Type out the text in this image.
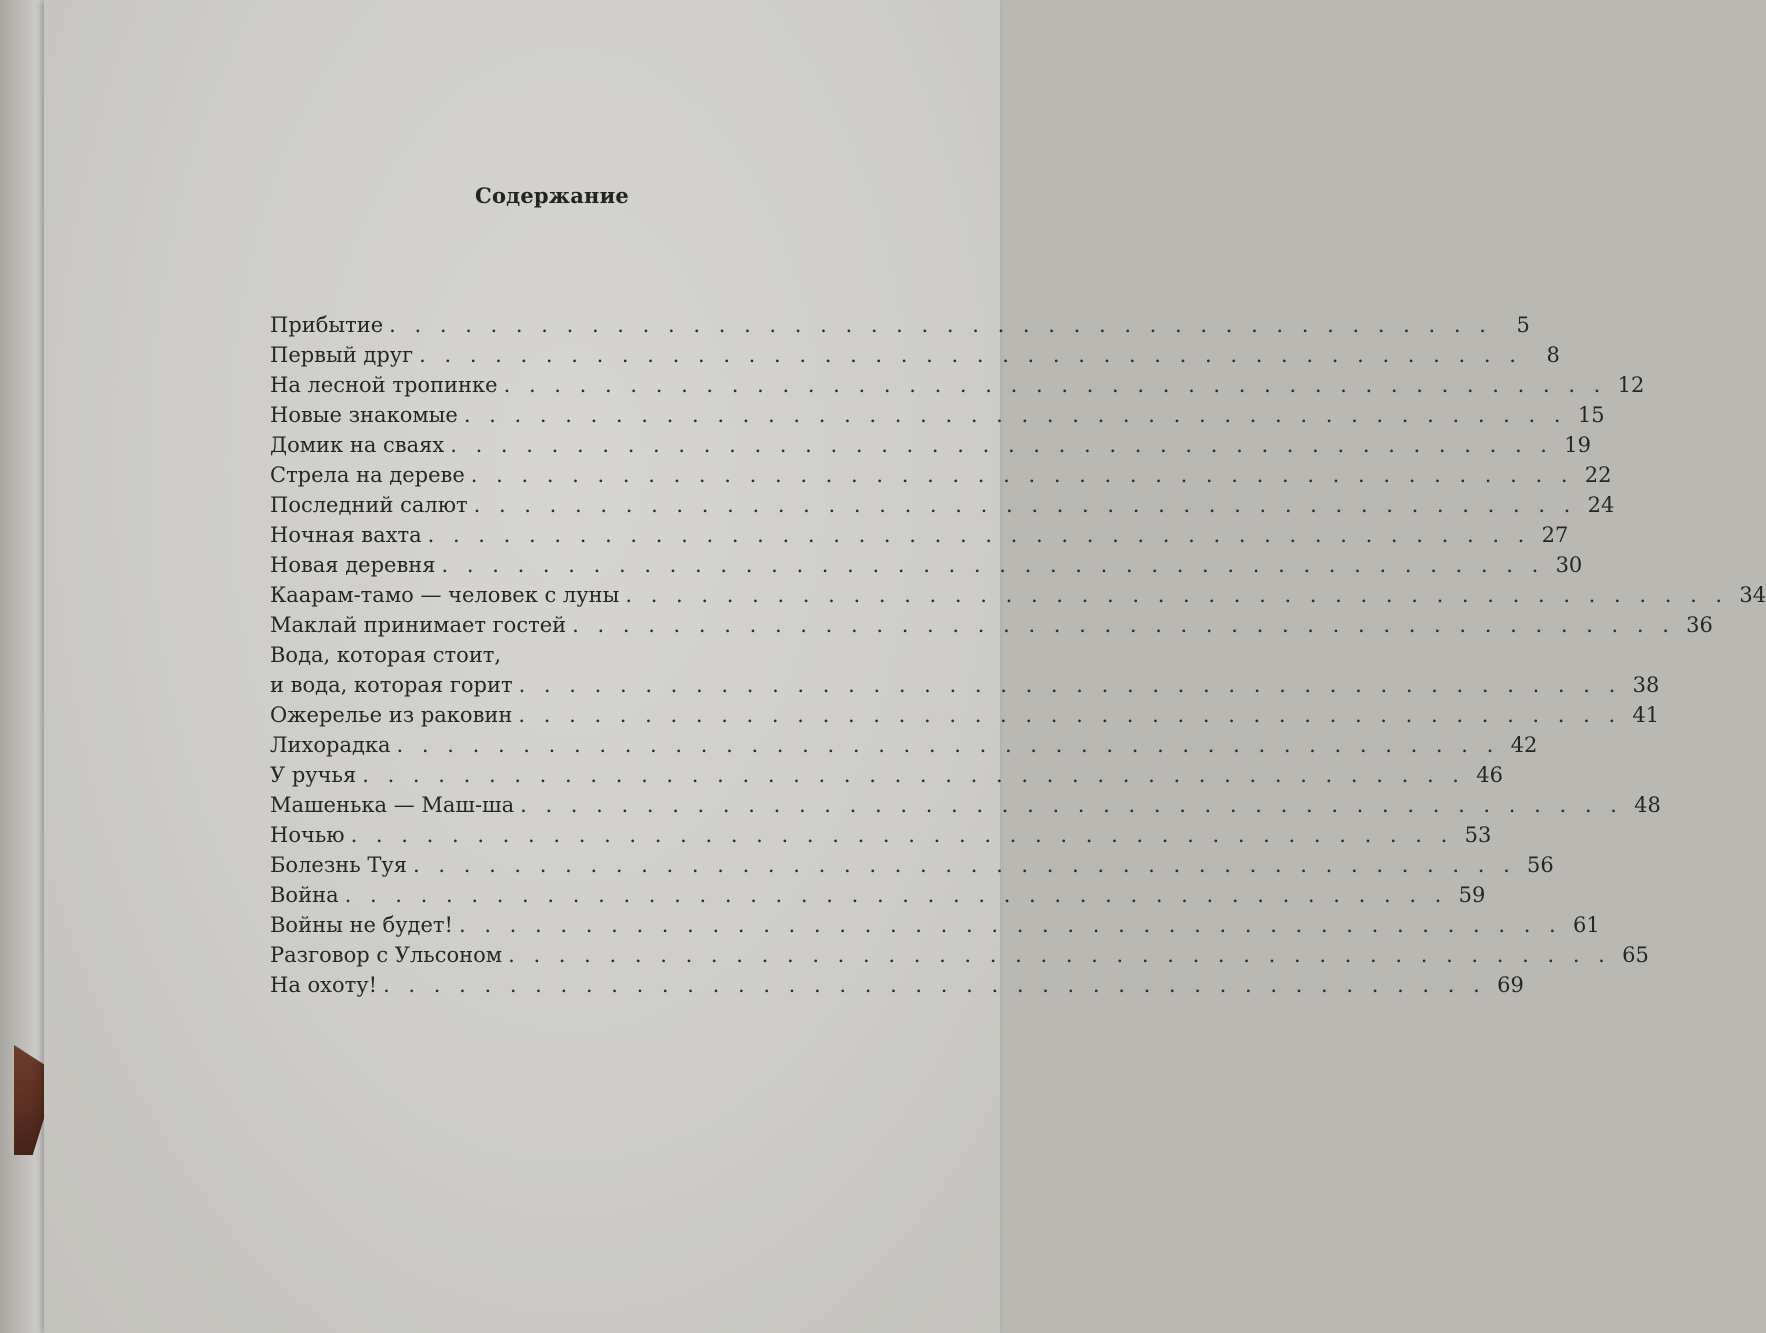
Содержание
Прибытие . . . . . . . . . . . . . . . . . . . . . . . . . . . . . . . . . . . . . . . . . . . .	5
Первый друг . . . . . . . . . . . . . . . . . . . . . . . . . . . . . . . . . . . . . . . . . . . .	8
На лесной тропинке . . . . . . . . . . . . . . . . . . . . . . . . . . . . . . . . . . . . . . . . . . . . 12
Новые знакомые . . . . . . . . . . . . . . . . . . . . . . . . . . . . . . . . . . . . . . . . . . . . 15
Домик на сваях . . . . . . . . . . . . . . . . . . . . . . . . . . . . . . . . . . . . . . . . . . . . 19
Стрела на дереве . . . . . . . . . . . . . . . . . . . . . . . . . . . . . . . . . . . . . . . . . . . . 22
Последний салют . . . . . . . . . . . . . . . . . . . . . . . . . . . . . . . . . . . . . . . . . . . . 24
Ночная вахта . . . . . . . . . . . . . . . . . . . . . . . . . . . . . . . . . . . . . . . . . . . . 27
Новая деревня . . . . . . . . . . . . . . . . . . . . . . . . . . . . . . . . . . . . . . . . . . . . 30
Каарам-тамо — человек с луны . . . . . . . . . . . . . . . . . . . . . . . . . . . . . . . . . . . . . . . . . . . . 34
Маклай принимает гостей . . . . . . . . . . . . . . . . . . . . . . . . . . . . . . . . . . . . . . . . . . . . 36
Вода, которая стоит,
и вода, которая горит . . . . . . . . . . . . . . . . . . . . . . . . . . . . . . . . . . . . . . . . . . . . 38
Ожерелье из раковин . . . . . . . . . . . . . . . . . . . . . . . . . . . . . . . . . . . . . . . . . . . . 41
Лихорадка . . . . . . . . . . . . . . . . . . . . . . . . . . . . . . . . . . . . . . . . . . . . 42
У ручья . . . . . . . . . . . . . . . . . . . . . . . . . . . . . . . . . . . . . . . . . . . . 46
Машенька — Маш-ша . . . . . . . . . . . . . . . . . . . . . . . . . . . . . . . . . . . . . . . . . . . . 48
Ночью . . . . . . . . . . . . . . . . . . . . . . . . . . . . . . . . . . . . . . . . . . . . 53
Болезнь Туя . . . . . . . . . . . . . . . . . . . . . . . . . . . . . . . . . . . . . . . . . . . . 56
Война . . . . . . . . . . . . . . . . . . . . . . . . . . . . . . . . . . . . . . . . . . . . 59
Войны не будет! . . . . . . . . . . . . . . . . . . . . . . . . . . . . . . . . . . . . . . . . . . . . 61
Разговор с Ульсоном . . . . . . . . . . . . . . . . . . . . . . . . . . . . . . . . . . . . . . . . . . . . 65
На охоту! . . . . . . . . . . . . . . . . . . . . . . . . . . . . . . . . . . . . . . . . . . . . 69
